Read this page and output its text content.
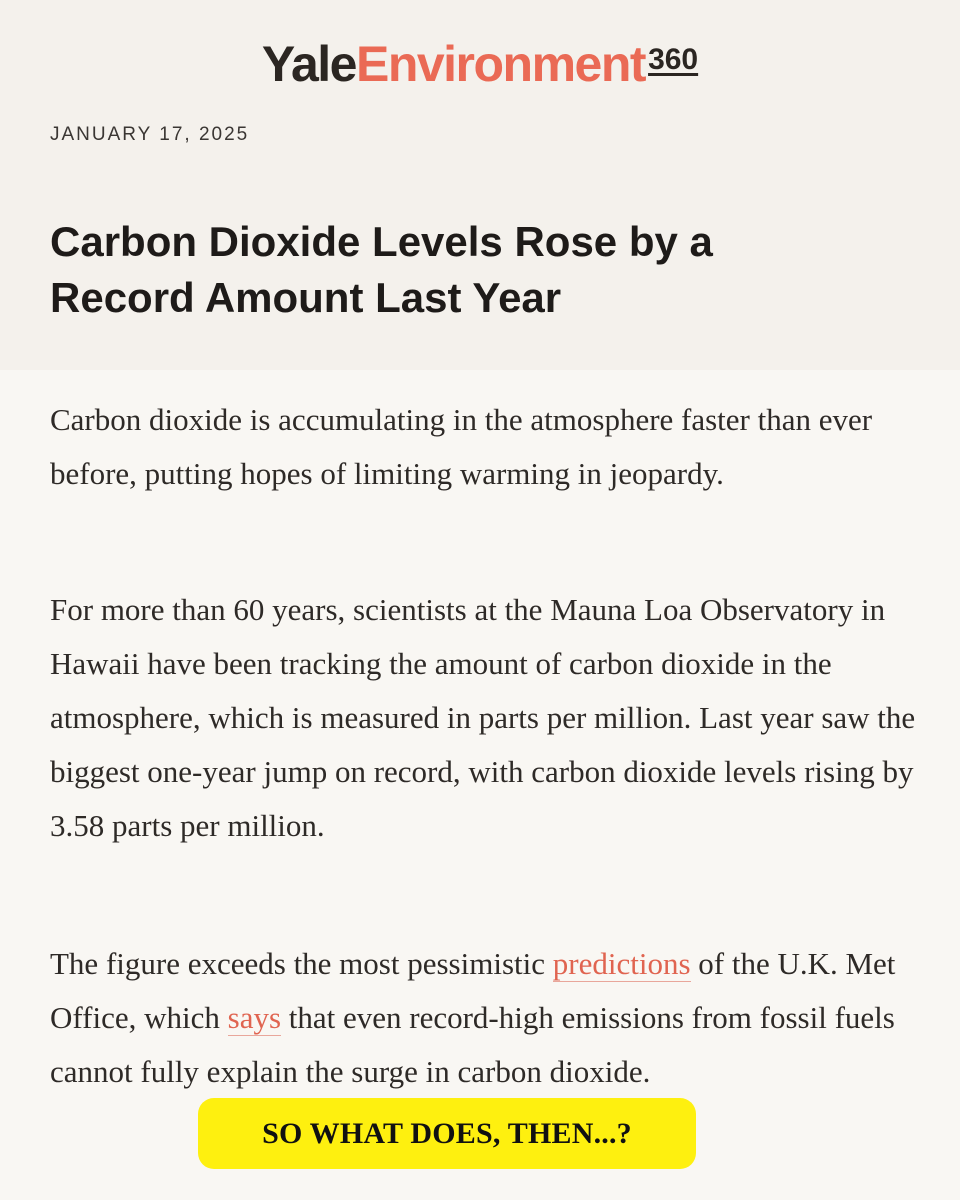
YaleEnvironment $^{360}$
JANUARY 17, 2025
Carbon Dioxide Levels Rose by a
Record Amount Last Year

Carbon dioxide is accumulating in the atmosphere faster than ever before, putting hopes of limiting warming in jeopardy.

For more than 60 years, scientists at the Mauna Loa Observatory in Hawaii have been tracking the amount of carbon dioxide in the atmosphere, which is measured in parts per million. Last year saw the biggest one-year jump on record, with carbon dioxide levels rising by 3.58 parts per million.

The figure exceeds the most pessimistic predictions of the U.K. Met Office, which says that even record-high emissions from fossil fuels cannot fully explain the surge in carbon dioxide.

SO WHAT DOES, THEN...?
